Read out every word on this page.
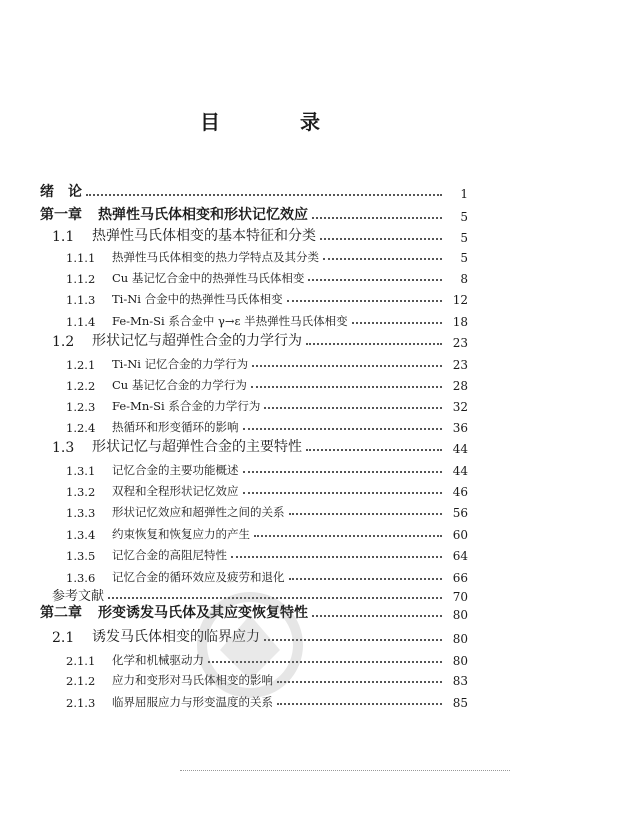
目　录
绪　论	1
第一章	热弹性马氏体相变和形状记忆效应	5
1.1	热弹性马氏体相变的基本特征和分类	5
1.1.1	热弹性马氏体相变的热力学特点及其分类	5
1.1.2	Cu 基记忆合金中的热弹性马氏体相变	8
1.1.3	Ti-Ni 合金中的热弹性马氏体相变	12
1.1.4	Fe-Mn-Si 系合金中 γ→ε 半热弹性马氏体相变	18
1.2	形状记忆与超弹性合金的力学行为	23
1.2.1	Ti-Ni 记忆合金的力学行为	23
1.2.2	Cu 基记忆合金的力学行为	28
1.2.3	Fe-Mn-Si 系合金的力学行为	32
1.2.4	热循环和形变循环的影响	36
1.3	形状记忆与超弹性合金的主要特性	44
1.3.1	记忆合金的主要功能概述	44
1.3.2	双程和全程形状记忆效应	46
1.3.3	形状记忆效应和超弹性之间的关系	56
1.3.4	约束恢复和恢复应力的产生	60
1.3.5	记忆合金的高阻尼特性	64
1.3.6	记忆合金的循环效应及疲劳和退化	66
参考文献	70
第二章	形变诱发马氏体及其应变恢复特性	80
2.1	诱发马氏体相变的临界应力	80
2.1.1	化学和机械驱动力	80
2.1.2	应力和变形对马氏体相变的影响	83
2.1.3	临界屈服应力与形变温度的关系	85
